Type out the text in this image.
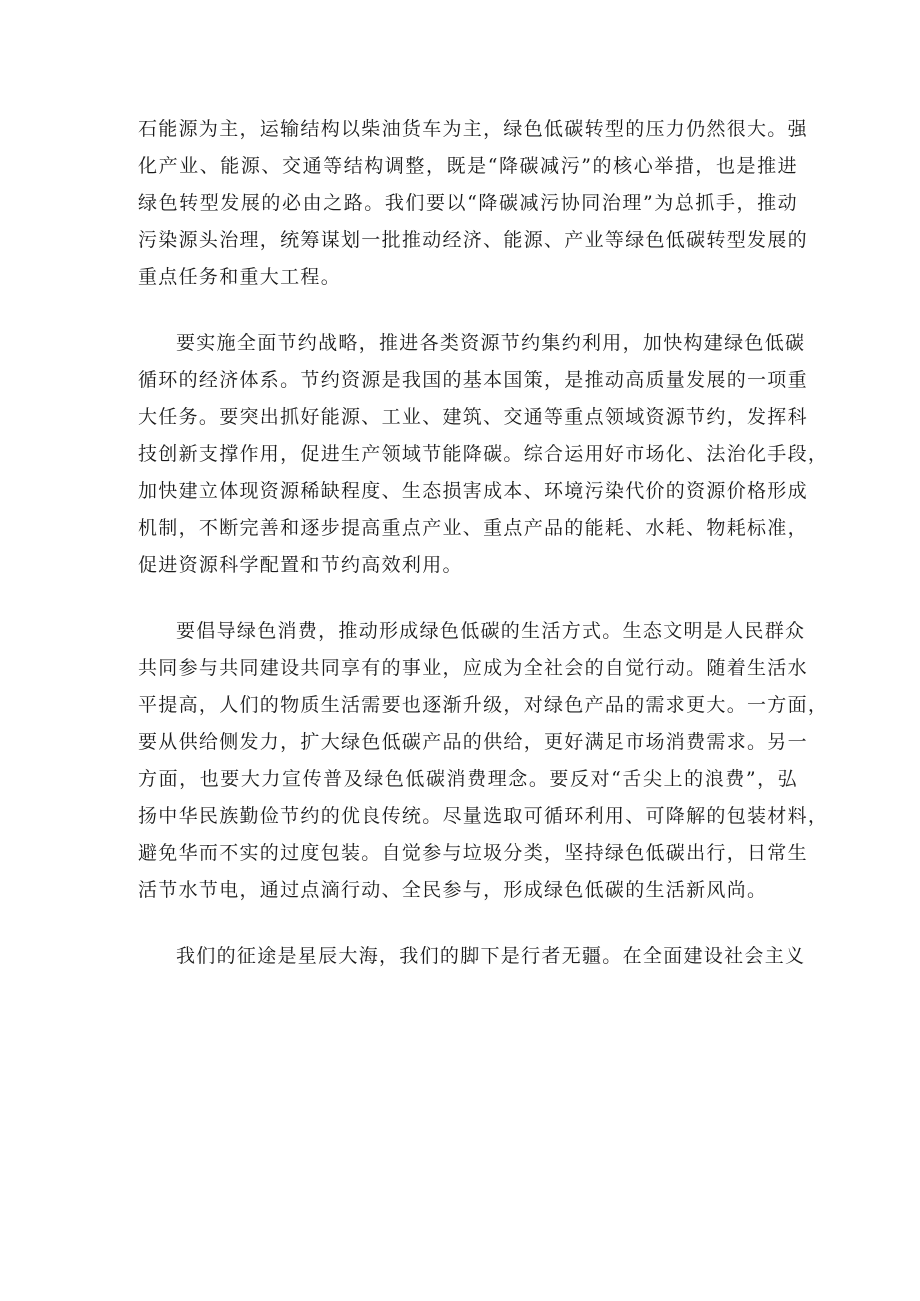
石能源为主，运输结构以柴油货车为主，绿色低碳转型的压力仍然很大。强
化产业、能源、交通等结构调整，既是“降碳减污”的核心举措，也是推进
绿色转型发展的必由之路。我们要以“降碳减污协同治理”为总抓手，推动
污染源头治理，统筹谋划一批推动经济、能源、产业等绿色低碳转型发展的
重点任务和重大工程。
要实施全面节约战略，推进各类资源节约集约利用，加快构建绿色低碳
循环的经济体系。节约资源是我国的基本国策，是推动高质量发展的一项重
大任务。要突出抓好能源、工业、建筑、交通等重点领域资源节约，发挥科
技创新支撑作用，促进生产领域节能降碳。综合运用好市场化、法治化手段，
加快建立体现资源稀缺程度、生态损害成本、环境污染代价的资源价格形成
机制，不断完善和逐步提高重点产业、重点产品的能耗、水耗、物耗标准，
促进资源科学配置和节约高效利用。
要倡导绿色消费，推动形成绿色低碳的生活方式。生态文明是人民群众
共同参与共同建设共同享有的事业，应成为全社会的自觉行动。随着生活水
平提高，人们的物质生活需要也逐渐升级，对绿色产品的需求更大。一方面，
要从供给侧发力，扩大绿色低碳产品的供给，更好满足市场消费需求。另一
方面，也要大力宣传普及绿色低碳消费理念。要反对“舌尖上的浪费”，弘
扬中华民族勤俭节约的优良传统。尽量选取可循环利用、可降解的包装材料，
避免华而不实的过度包装。自觉参与垃圾分类，坚持绿色低碳出行，日常生
活节水节电，通过点滴行动、全民参与，形成绿色低碳的生活新风尚。
我们的征途是星辰大海，我们的脚下是行者无疆。在全面建设社会主义
